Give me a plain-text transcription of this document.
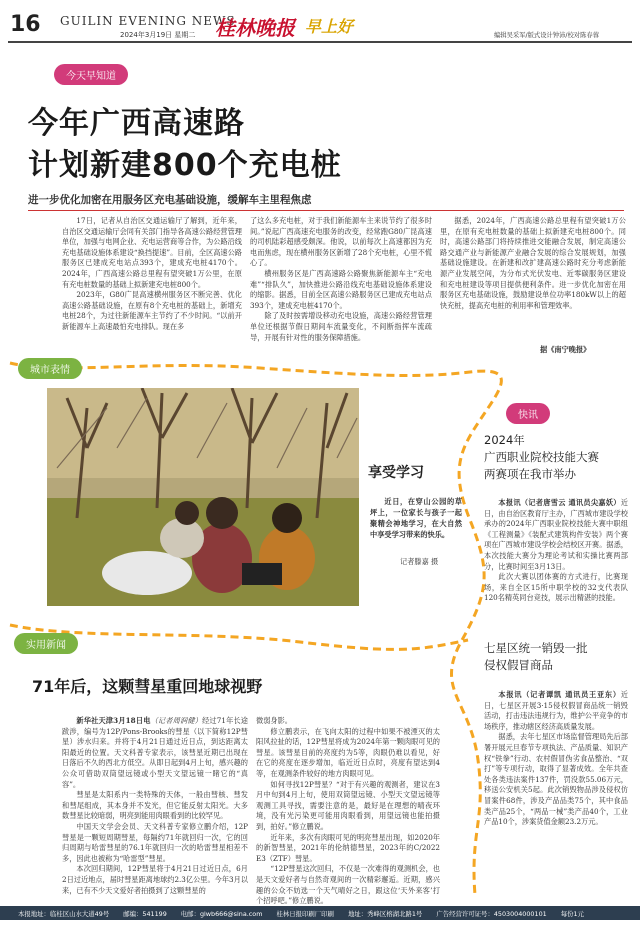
16 GUILIN EVENING NEWS
2024年3月19日 星期二 桂林晚报 早上好	编辑吴采军/版式设计钟沛/校对陈春蓉
今天早知道
今年广西高速路
计划新建800个充电桩
进一步优化加密在用服务区充电基础设施，缓解车主里程焦虑

17日，记者从自治区交通运输厅了解到，近年来，自治区交通运输厅会同有关部门指导各高速公路经营管理单位，加强与电网企业、充电运营商等合作，为公路沿线充电基础设施体系建设“换挡提速”。目前，全区高速公路服务区已建成充电站点393个，建成充电桩4170个。2024年，广西高速公路总里程有望突破1万公里，在原有充电桩数量的基础上拟新建充电桩800个。

2023年，G80广昆高速横州服务区不断完善、优化高速公路基础设施，在原有8个充电桩的基础上，新增充电桩28个，为过往新能源车主节约了不少时间。“以前开新能源车上高速最怕充电排队。现在多

了这么多充电桩，对于我们新能源车主来说节约了很多时间。”说起广西高速充电服务的改变，经常跑G80广昆高速的司机陆彩超感受颇深。他说，以前每次上高速都因为充电而焦虑，现在横州服务区新增了28个充电桩，心里不慌心了。

横州服务区是广西高速路公路聚焦新能源车主“充电难”“排队久”，加快推进公路沿线充电基础设施体系建设的缩影。据悉，目前全区高速公路服务区已建成充电站点393个，建成充电桩4170个。

除了及时按需增设移动充电设施，高速公路经营管理单位还根据节假日期间车流量变化，不间断指挥车流疏导，开展有针对性的服务保障措施。

据悉，2024年，广西高速公路总里程有望突破1万公里，在原有充电桩数量的基础上拟新建充电桩800个。同时，高速公路部门将持续推进交能融合发展，制定高速公路交通产业与新能源产业融合发展的综合发展规划，加强基础设施建设。在新建和改扩建高速公路时充分考虑新能源产业发展空间，为分布式光伏发电、近零碳服务区建设和充电桩建设等项目提供便利条件。进一步优化加密在用服务区充电基础设施，鼓励建设单位功率180kW以上的超快充桩，提高充电桩的利用率和管理效率。

据《南宁晚报》
城市表情
享受学习
近日，在穿山公园的草坪上，一位家长与孩子一起聚精会神地学习，在大自然中享受学习带来的快乐。
记者滕嘉 摄
实用新闻
71年后，这颗彗星重回地球视野

新华社天津3月18日电（记者周润健）经过71年长途跋涉，编号为12P/Pons-Brooks的彗星（以下简称12P彗星）涉水归来。并将于4月21日通过近日点，到达距离太阳最近的位置。天文科普专家表示，该彗星近期已出现在日落后不久的西北方低空。从即日起到4月上旬，感兴趣的公众可借助双筒望远镜或小型天文望远镜一睹它的“真容”。

彗星是太阳系内一类特殊的天体，一般由彗核、彗发和彗尾组成，其本身并不发光，但它能反射太阳光。大多数彗星比较暗弱，明亮到能用肉眼看到的比较罕见。

中国天文学会会员、天文科普专家修立鹏介绍，12P彗星是一颗短周期彗星，每隔约71年就回归一次，它的回归周期与哈雷彗星的76.1年就回归一次的哈雷彗星相差不多，因此也被称为“哈雷型”彗星。

本次回归期间，12P彗星将于4月21日过近日点，6月2日过近地点，届时彗星距离地球约2.3亿公里。今年3月以来，已有不少天文爱好者拍摄到了这颗彗星的

微弱身影。

修立鹏表示，在飞向太阳的过程中如果不被湮灭的太阳风拉扯的话，12P彗星将成为2024年第一颗肉眼可见的彗星。该彗星目前的亮度约为5等，肉眼仍难以看见，好在它的亮度在逐步增加，临近近日点时，亮度有望达到4等，在观测条件较好的地方肉眼可见。

如何寻找12P彗星？“对于有兴趣的观测者，建议在3月中旬到4月上旬，使用双筒望远镜、小型天文望远镜等观测工具寻找，需要注意的是，最好是在理想的晴夜环境，没有光污染更可能用肉眼看到，用望远镜也能拍摄到，拍好。”修立鹏说。

近年来，多次有肉眼可见的明亮彗星出现，如2020年的新智彗星，2021年的伦纳德彗星，2023年的C/2022 E3（ZTF）彗星。

“12P彗星这次回归，不仅是一次难得的观测机会，也是天文爱好者与自然奇观间的一次精彩邂逅。近期，感兴趣的公众不妨选一个天气晴好之日，跟这位‘天外来客’打个招呼吧。”修立鹏说。

快讯
2024年
广西职业院校技能大赛
两赛项在我市举办

本报讯（记者唐雪云 通讯员尖嘉妖）近日，由自治区教育厅主办，广西城市建设学校承办的2024年广西职业院校技能大赛中职组《工程测量》《装配式建筑构件安装》两个赛项在广西城市建设学校会结校区开赛。据悉，本次技能大赛分为理论考试和实操比赛两部分，比赛时间至3月13日。

此次大赛以团体赛的方式进行，比赛现场，来自全区15所中职学校的32支代表队120名精英同台竞技，展示出精湛的技能。

七星区统一销毁一批
侵权假冒商品

本报讯（记者谭凯 通讯员王亚东）近日，七星区开展3·15侵权假冒商品统一销毁活动，打击违法违规行为，维护公平竞争的市场秩序，推动辖区经济高质量发展。

据悉，去年七星区市场监督管理局先后部署开展元旦春节专项执法、产品质量、知识产权“铁拳”行动、农村假冒伪劣食品整治、“双打”等专项行动，取得了显著成效。全年共查处各类违法案件137件，罚没款55.06万元，移送公安机关5起。此次销毁物品涉及侵权仿冒案件68件，涉及产品品类75个，其中食品类产品25个，“两品一械”类产品40个，工业产品10个，涉案货值金额23.2万元。

本报地址：临桂区山水大道49号 邮编：541199 电邮：glwb666@sina.com 桂林日报印刷厂印刷 地址：秀峰区榕湖北路1号 广告经营许可证号：4503004000101 每份1元
